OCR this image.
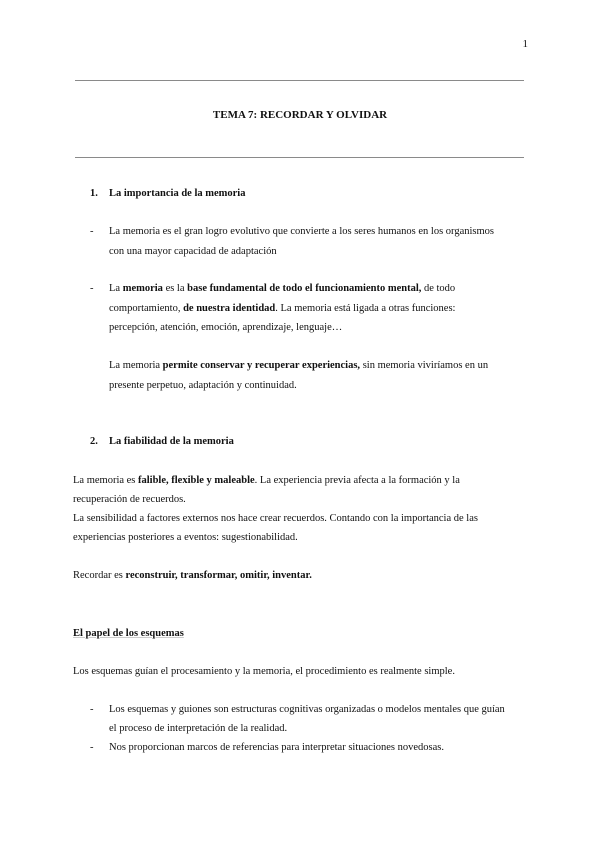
1
TEMA 7: RECORDAR Y OLVIDAR
1. La importancia de la memoria
- La memoria es el gran logro evolutivo que convierte a los seres humanos en los organismos
con una mayor capacidad de adaptación
- La memoria es la base fundamental de todo el funcionamiento mental, de todo
comportamiento, de nuestra identidad. La memoria está ligada a otras funciones:
percepción, atención, emoción, aprendizaje, lenguaje…
La memoria permite conservar y recuperar experiencias, sin memoria viviríamos en un
presente perpetuo, adaptación y continuidad.
2. La fiabilidad de la memoria
La memoria es falible, flexible y maleable. La experiencia previa afecta a la formación y la
recuperación de recuerdos.
La sensibilidad a factores externos nos hace crear recuerdos. Contando con la importancia de las
experiencias posteriores a eventos: sugestionabilidad.
Recordar es reconstruir, transformar, omitir, inventar.
El papel de los esquemas
Los esquemas guían el procesamiento y la memoria, el procedimiento es realmente simple.
- Los esquemas y guiones son estructuras cognitivas organizadas o modelos mentales que guían
el proceso de interpretación de la realidad.
- Nos proporcionan marcos de referencias para interpretar situaciones novedosas.
